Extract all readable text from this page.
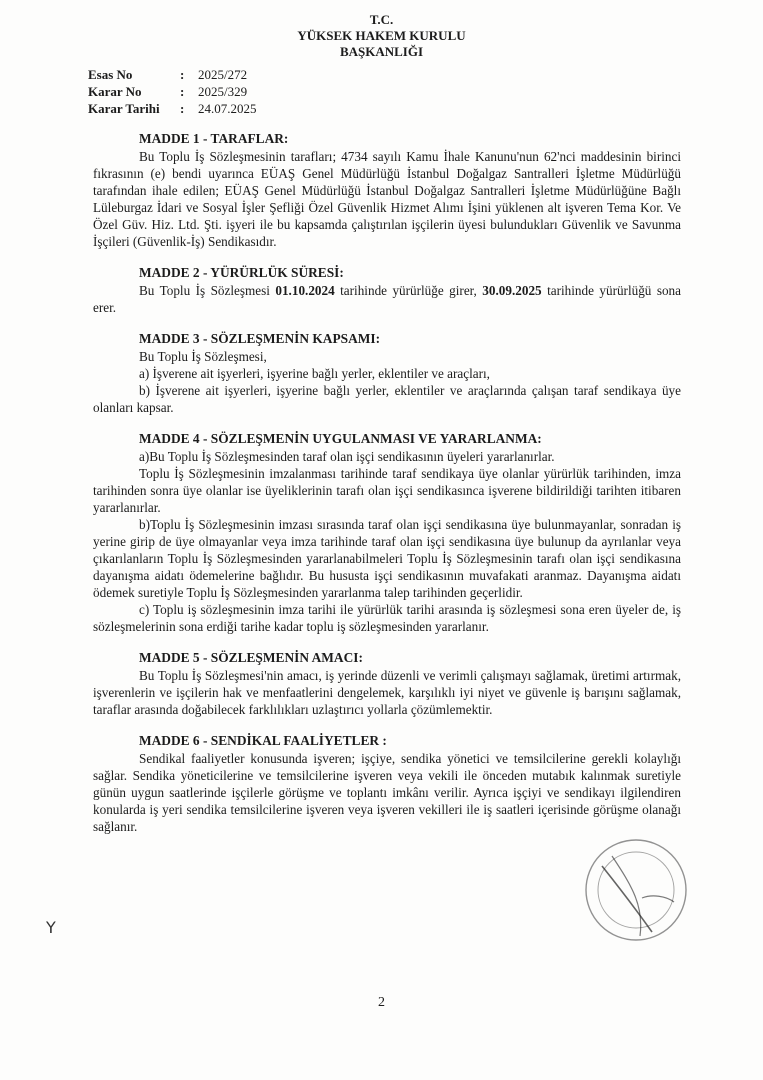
T.C.
YÜKSEK HAKEM KURULU
BAŞKANLIĞI
Esas No	:	2025/272
Karar No	:	2025/329
Karar Tarihi	:	24.07.2025
MADDE 1 - TARAFLAR:
Bu Toplu İş Sözleşmesinin tarafları; 4734 sayılı Kamu İhale Kanunu'nun 62'nci maddesinin birinci fıkrasının (e) bendi uyarınca EÜAŞ Genel Müdürlüğü İstanbul Doğalgaz Santralleri İşletme Müdürlüğü tarafından ihale edilen; EÜAŞ Genel Müdürlüğü İstanbul Doğalgaz Santralleri İşletme Müdürlüğüne Bağlı Lüleburgaz İdari ve Sosyal İşler Şefliği Özel Güvenlik Hizmet Alımı İşini yüklenen alt işveren Tema Kor. Ve Özel Güv. Hiz. Ltd. Şti. işyeri ile bu kapsamda çalıştırılan işçilerin üyesi bulundukları Güvenlik ve Savunma İşçileri (Güvenlik-İş) Sendikasıdır.
MADDE 2 - YÜRÜRLÜK SÜRESİ:
Bu Toplu İş Sözleşmesi 01.10.2024 tarihinde yürürlüğe girer, 30.09.2025 tarihinde yürürlüğü sona erer.
MADDE 3 - SÖZLEŞMENİN KAPSAMI:
Bu Toplu İş Sözleşmesi,
a) İşverene ait işyerleri, işyerine bağlı yerler, eklentiler ve araçları,
b) İşverene ait işyerleri, işyerine bağlı yerler, eklentiler ve araçlarında çalışan taraf sendikaya üye olanları kapsar.
MADDE 4 - SÖZLEŞMENİN UYGULANMASI VE YARARLANMA:
a)Bu Toplu İş Sözleşmesinden taraf olan işçi sendikasının üyeleri yararlanırlar.
Toplu İş Sözleşmesinin imzalanması tarihinde taraf sendikaya üye olanlar yürürlük tarihinden, imza tarihinden sonra üye olanlar ise üyeliklerinin tarafı olan işçi sendikasınca işverene bildirildiği tarihten itibaren yararlanırlar.
b)Toplu İş Sözleşmesinin imzası sırasında taraf olan işçi sendikasına üye bulunmayanlar, sonradan iş yerine girip de üye olmayanlar veya imza tarihinde taraf olan işçi sendikasına üye bulunup da ayrılanlar veya çıkarılanların Toplu İş Sözleşmesinden yararlanabilmeleri Toplu İş Sözleşmesinin tarafı olan işçi sendikasına dayanışma aidatı ödemelerine bağlıdır. Bu hususta işçi sendikasının muvafakati aranmaz. Dayanışma aidatı ödemek suretiyle Toplu İş Sözleşmesinden yararlanma talep tarihinden geçerlidir.
c) Toplu iş sözleşmesinin imza tarihi ile yürürlük tarihi arasında iş sözleşmesi sona eren üyeler de, iş sözleşmelerinin sona erdiği tarihe kadar toplu iş sözleşmesinden yararlanır.
MADDE 5 - SÖZLEŞMENİN AMACI:
Bu Toplu İş Sözleşmesi'nin amacı, iş yerinde düzenli ve verimli çalışmayı sağlamak, üretimi artırmak, işverenlerin ve işçilerin hak ve menfaatlerini dengelemek, karşılıklı iyi niyet ve güvenle iş barışını sağlamak, taraflar arasında doğabilecek farklılıkları uzlaştırıcı yollarla çözümlemektir.
MADDE 6 - SENDİKAL FAALİYETLER :
Sendikal faaliyetler konusunda işveren; işçiye, sendika yönetici ve temsilcilerine gerekli kolaylığı sağlar. Sendika yöneticilerine ve temsilcilerine işveren veya vekili ile önceden mutabık kalınmak suretiyle günün uygun saatlerinde işçilerle görüşme ve toplantı imkânı verilir. Ayrıca işçiyi ve sendikayı ilgilendiren konularda iş yeri sendika temsilcilerine işveren veya işveren vekilleri ile iş saatleri içerisinde görüşme olanağı sağlanır.
Y
2
